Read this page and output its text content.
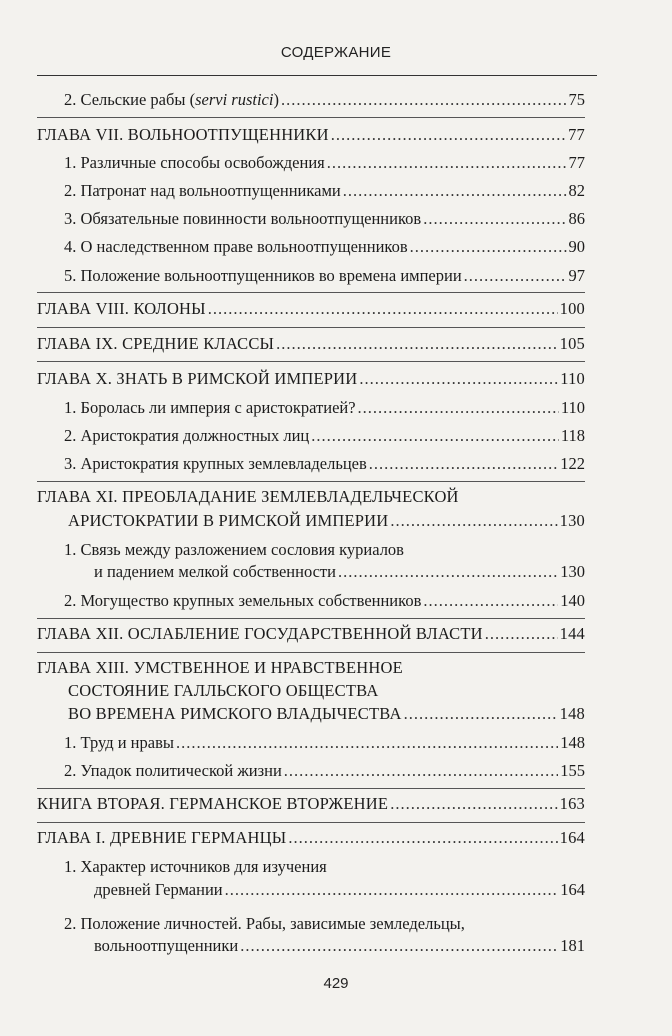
СОДЕРЖАНИЕ
2. Сельские рабы (servi rustici) .....	75
ГЛАВА VII. ВОЛЬНООТПУЩЕННИКИ .....	77
1. Различные способы освобождения .....	77
2. Патронат над вольноотпущенниками .....	82
3. Обязательные повинности вольноотпущенников .....	86
4. О наследственном праве вольноотпущенников .....	90
5. Положение вольноотпущенников во времена империи .....	97
ГЛАВА VIII. КОЛОНЫ .....	100
ГЛАВА IX. СРЕДНИЕ КЛАССЫ .....	105
ГЛАВА X. ЗНАТЬ В РИМСКОЙ ИМПЕРИИ .....	110
1. Боролась ли империя с аристократией? .....	110
2. Аристократия должностных лиц .....	118
3. Аристократия крупных землевладельцев .....	122
ГЛАВА XI. ПРЕОБЛАДАНИЕ ЗЕМЛЕВЛАДЕЛЬЧЕСКОЙ
АРИСТОКРАТИИ В РИМСКОЙ ИМПЕРИИ .....	130
1. Связь между разложением сословия куриалов
и падением мелкой собственности .....	130
2. Могущество крупных земельных собственников .....	140
ГЛАВА XII. ОСЛАБЛЕНИЕ ГОСУДАРСТВЕННОЙ ВЛАСТИ .....	144
ГЛАВА XIII. УМСТВЕННОЕ И НРАВСТВЕННОЕ
СОСТОЯНИЕ ГАЛЛЬСКОГО ОБЩЕСТВА
ВО ВРЕМЕНА РИМСКОГО ВЛАДЫЧЕСТВА .....	148
1. Труд и нравы .....	148
2. Упадок политической жизни .....	155
КНИГА ВТОРАЯ. ГЕРМАНСКОЕ ВТОРЖЕНИЕ .....	163
ГЛАВА I. ДРЕВНИЕ ГЕРМАНЦЫ .....	164
1. Характер источников для изучения
древней Германии .....	164
2. Положение личностей. Рабы, зависимые земледельцы,
вольноотпущенники .....	181
429
